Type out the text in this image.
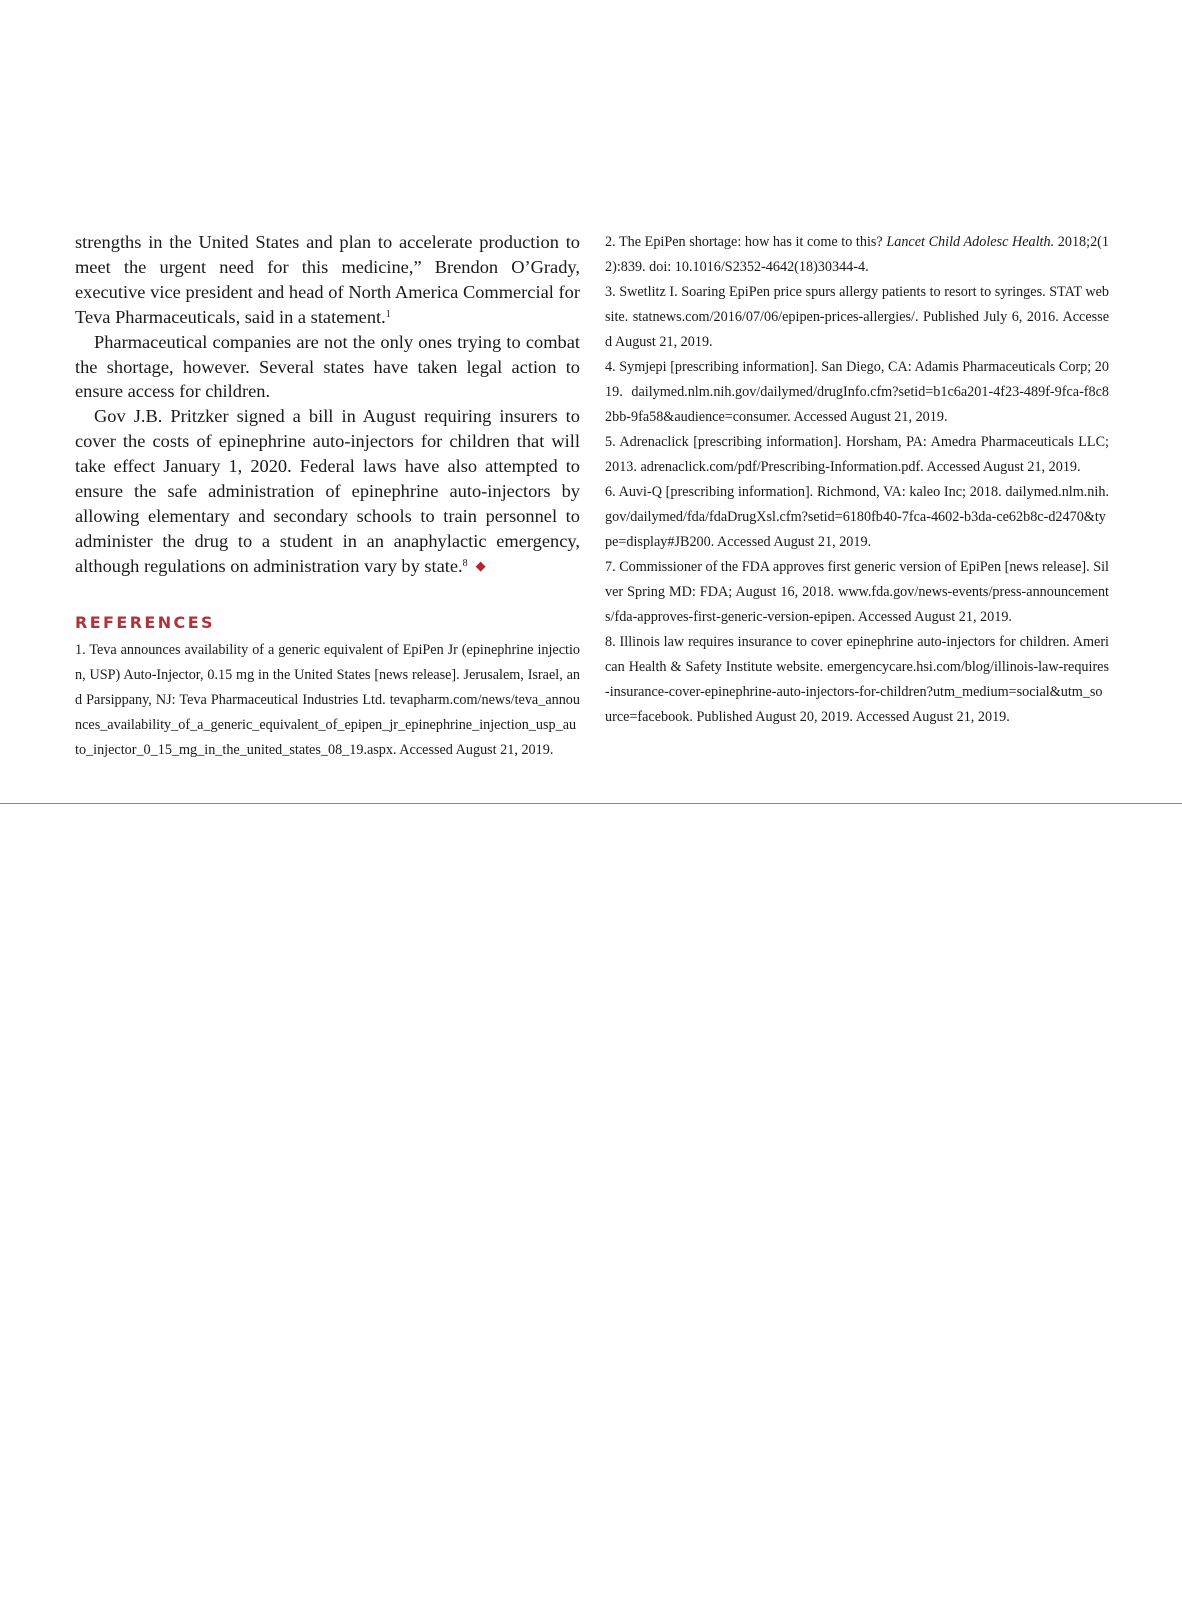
strengths in the United States and plan to accelerate production to meet the urgent need for this medicine,” Brendon O’Grady, executive vice president and head of North America Commercial for Teva Pharmaceuticals, said in a statement.$^1$

Pharmaceutical companies are not the only ones trying to combat the shortage, however. Several states have taken legal action to ensure access for children.

Gov J.B. Pritzker signed a bill in August requiring insurers to cover the costs of epinephrine auto-injectors for children that will take effect January 1, 2020. Federal laws have also attempted to ensure the safe administration of epinephrine auto-injectors by allowing elementary and secondary schools to train personnel to administer the drug to a student in an anaphylactic emergency, although regulations on administration vary by state.$^8$ ◆

REFERENCES

1. Teva announces availability of a generic equivalent of EpiPen Jr (epinephrine injection, USP) Auto-Injector, 0.15 mg in the United States [news release]. Jerusalem, Israel, and Parsippany, NJ: Teva Pharmaceutical Industries Ltd. tevapharm.com/news/teva_announces_availability_of_a_generic_equivalent_of_epipen_jr_epinephrine_injection_usp_auto_injector_0_15_mg_in_the_united_states_08_19.aspx. Accessed August 21, 2019.

2. The EpiPen shortage: how has it come to this? Lancet Child Adolesc Health. 2018;2(12):839. doi: 10.1016/S2352-4642(18)30344-4.

3. Swetlitz I. Soaring EpiPen price spurs allergy patients to resort to syringes. STAT website. statnews.com/2016/07/06/epipen-prices-allergies/. Published July 6, 2016. Accessed August 21, 2019.

4. Symjepi [prescribing information]. San Diego, CA: Adamis Pharmaceuticals Corp; 2019. dailymed.nlm.nih.gov/dailymed/drugInfo.cfm?setid=b1c6a201-4f23-489f-9fca-f8c82bb-9fa58&audience=consumer. Accessed August 21, 2019.

5. Adrenaclick [prescribing information]. Horsham, PA: Amedra Pharmaceuticals LLC; 2013. adrenaclick.com/pdf/Prescribing-Information.pdf. Accessed August 21, 2019.

6. Auvi-Q [prescribing information]. Richmond, VA: kaleo Inc; 2018. dailymed.nlm.nih.gov/dailymed/fda/fdaDrugXsl.cfm?setid=6180fb40-7fca-4602-b3da-ce62b8c-d2470&type=display#JB200. Accessed August 21, 2019.

7. Commissioner of the FDA approves first generic version of EpiPen [news release]. Silver Spring MD: FDA; August 16, 2018. www.fda.gov/news-events/press-announcements/fda-approves-first-generic-version-epipen. Accessed August 21, 2019.

8. Illinois law requires insurance to cover epinephrine auto-injectors for children. American Health & Safety Institute website. emergencycare.hsi.com/blog/illinois-law-requires-insurance-cover-epinephrine-auto-injectors-for-children?utm_medium=social&utm_source=facebook. Published August 20, 2019. Accessed August 21, 2019.
